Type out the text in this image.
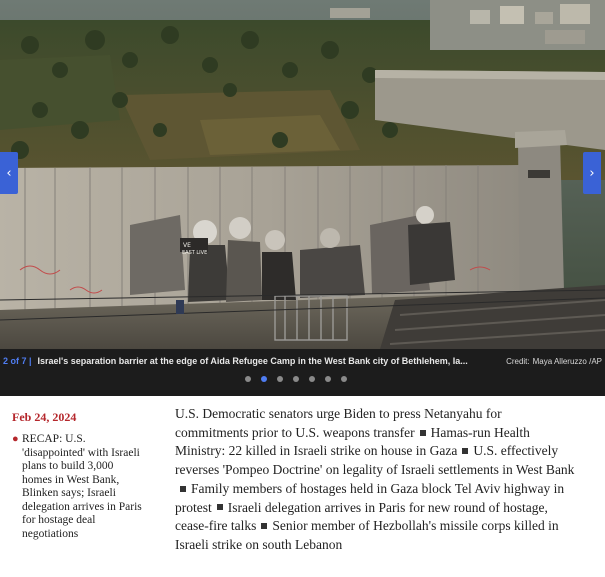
VE
EAST LIVE
‹	›
2 of 7 | Israel's separation barrier at the edge of Aida Refugee Camp in the West Bank city of Bethlehem, Ia...	Credit: Maya Alleruzzo /AP
Feb 24, 2024
● RECAP: U.S. 'disappointed' with Israeli plans to build 3,000 homes in West Bank, Blinken says; Israeli delegation arrives in Paris for hostage deal negotiations
U.S. Democratic senators urge Biden to press Netanyahu for commitments prior to U.S. weapons transfer Hamas-run Health Ministry: 22 killed in Israeli strike on house in Gaza U.S. effectively reverses 'Pompeo Doctrine' on legality of Israeli settlements in West BankFamily members of hostages held in Gaza block Tel Aviv highway in protest Israeli delegation arrives in Paris for new round of hostage, cease-fire talks Senior member of Hezbollah's missile corps killed in Israeli strike on south Lebanon
